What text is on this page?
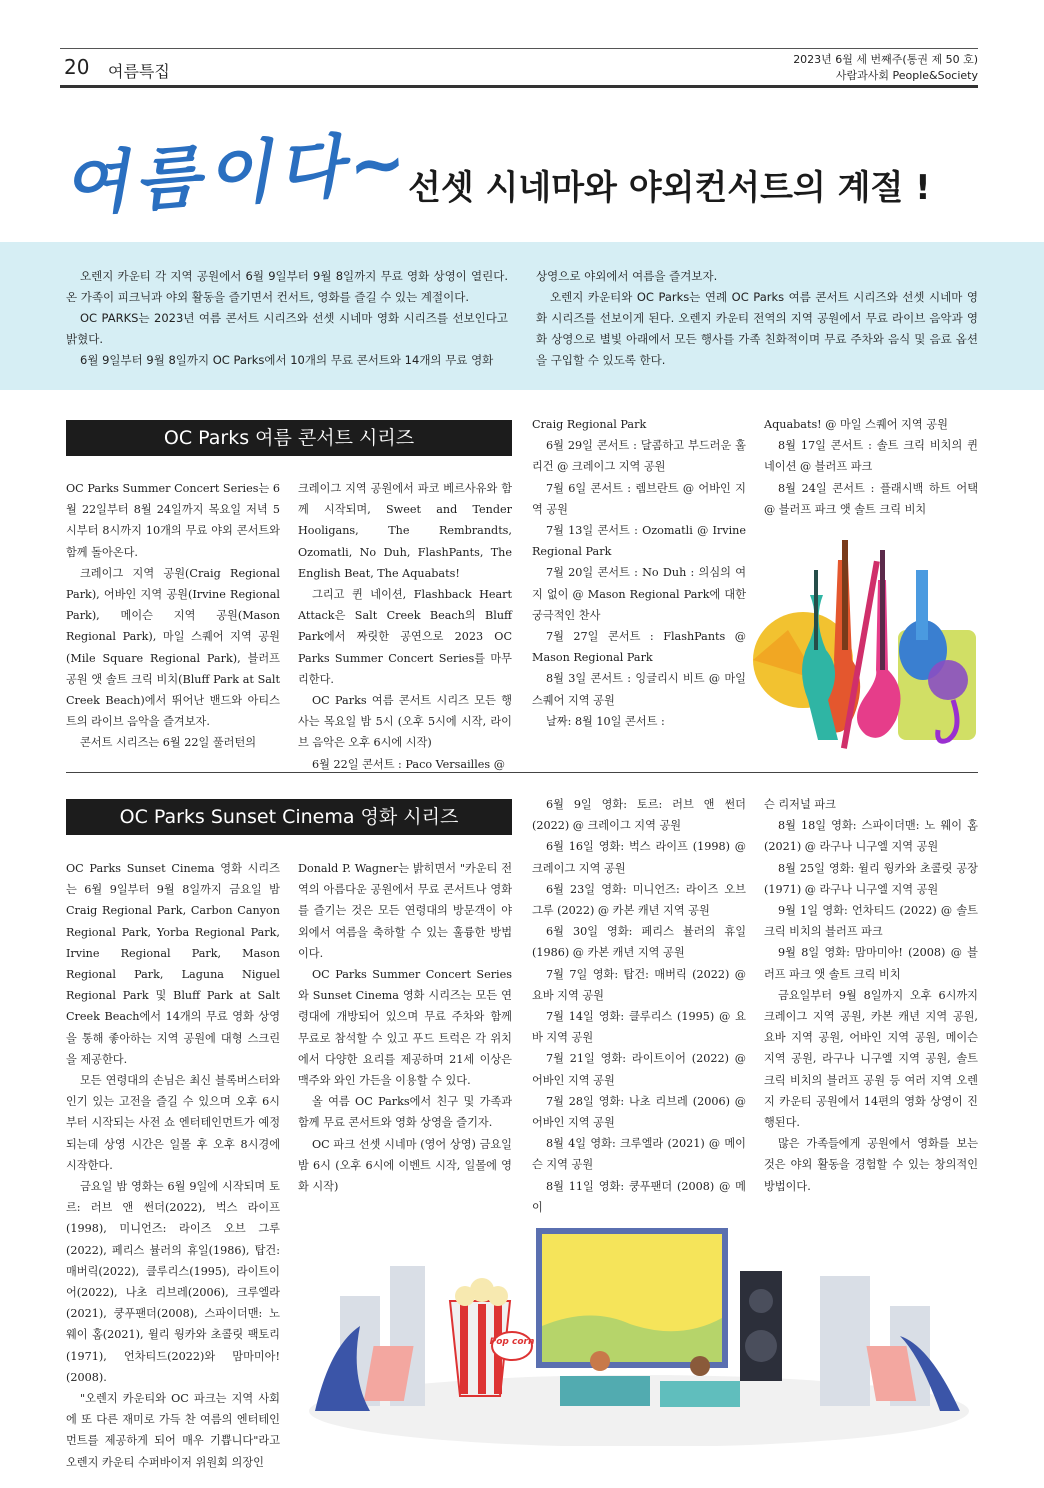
20 여름특집
2023년 6월 세 번째주(통권 제 50 호)
사람과사회 People&Society
여름이다~
선셋 시네마와 야외컨서트의 계절 !

오렌지 카운티 각 지역 공원에서 6월 9일부터 9월 8일까지 무료 영화 상영이 열린다. 온 가족이 피크닉과 야외 활동을 즐기면서 컨서트, 영화를 즐길 수 있는 계절이다.

OC PARKS는 2023년 여름 콘서트 시리즈와 선셋 시네마 영화 시리즈를 선보인다고 밝혔다.

6월 9일부터 9월 8일까지 OC Parks에서 10개의 무료 콘서트와 14개의 무료 영화

상영으로 야외에서 여름을 즐겨보자.

오렌지 카운티와 OC Parks는 연례 OC Parks 여름 콘서트 시리즈와 선셋 시네마 영화 시리즈를 선보이게 된다. 오렌지 카운티 전역의 지역 공원에서 무료 라이브 음악과 영화 상영으로 별빛 아래에서 모든 행사를 가족 친화적이며 무료 주차와 음식 및 음료 옵션을 구입할 수 있도록 한다.

OC Parks 여름 콘서트 시리즈

OC Parks Summer Concert Series는 6월 22일부터 8월 24일까지 목요일 저녁 5시부터 8시까지 10개의 무료 야외 콘서트와 함께 돌아온다.

크레이그 지역 공원(Craig Regional Park), 어바인 지역 공원(Irvine Regional Park), 메이슨 지역 공원(Mason Regional Park), 마일 스퀘어 지역 공원(Mile Square Regional Park), 블러프 공원 앳 솔트 크릭 비치(Bluff Park at Salt Creek Beach)에서 뛰어난 밴드와 아티스트의 라이브 음악을 즐겨보자.

콘서트 시리즈는 6월 22일 풀러턴의

크레이그 지역 공원에서 파코 베르사유와 함께 시작되며, Sweet and Tender Hooligans, The Rembrandts, Ozomatli, No Duh, FlashPants, The English Beat, The Aquabats!

그리고 퀸 네이션, Flashback Heart Attack은 Salt Creek Beach의 Bluff Park에서 짜릿한 공연으로 2023 OC Parks Summer Concert Series를 마무리한다.

OC Parks 여름 콘서트 시리즈 모든 행사는 목요일 밤 5시 (오후 5시에 시작, 라이브 음악은 오후 6시에 시작)

6월 22일 콘서트 : Paco Versailles @

Craig Regional Park

6월 29일 콘서트 : 달콤하고 부드러운 훌리건 @ 크레이그 지역 공원

7월 6일 콘서트 : 렘브란트 @ 어바인 지역 공원

7월 13일 콘서트 : Ozomatli @ Irvine Regional Park

7월 20일 콘서트 : No Duh : 의심의 여지 없이 @ Mason Regional Park에 대한 궁극적인 찬사

7월 27일 콘서트 : FlashPants @ Mason Regional Park

8월 3일 콘서트 : 잉글리시 비트 @ 마일 스퀘어 지역 공원

날짜: 8월 10일 콘서트 :

Aquabats! @ 마일 스퀘어 지역 공원

8월 17일 콘서트 : 솔트 크릭 비치의 퀸 네이션 @ 블러프 파크

8월 24일 콘서트 : 플래시백 하트 어택 @ 블러프 파크 앳 솔트 크릭 비치

OC Parks Sunset Cinema 영화 시리즈

OC Parks Sunset Cinema 영화 시리즈는 6월 9일부터 9월 8일까지 금요일 밤 Craig Regional Park, Carbon Canyon Regional Park, Yorba Regional Park, Irvine Regional Park, Mason Regional Park, Laguna Niguel Regional Park 및 Bluff Park at Salt Creek Beach에서 14개의 무료 영화 상영을 통해 좋아하는 지역 공원에 대형 스크린을 제공한다.

모든 연령대의 손님은 최신 블록버스터와 인기 있는 고전을 즐길 수 있으며 오후 6시부터 시작되는 사전 쇼 엔터테인먼트가 예정되는데 상영 시간은 일몰 후 오후 8시경에 시작한다.

금요일 밤 영화는 6월 9일에 시작되며 토르: 러브 앤 썬더(2022), 벅스 라이프(1998), 미니언즈: 라이즈 오브 그루(2022), 페리스 뷸러의 휴일(1986), 탑건: 매버릭(2022), 클루리스(1995), 라이트이어(2022), 나초 리브레(2006), 크루엘라(2021), 쿵푸팬더(2008), 스파이더맨: 노 웨이 홈(2021), 윌리 웡카와 초콜릿 팩토리(1971), 언차티드(2022)와 맘마미아! (2008).

"오렌지 카운티와 OC 파크는 지역 사회에 또 다른 재미로 가득 찬 여름의 엔터테인먼트를 제공하게 되어 매우 기쁩니다"라고 오렌지 카운티 수퍼바이저 위원회 의장인

Donald P. Wagner는 밝히면서 "카운티 전역의 아름다운 공원에서 무료 콘서트나 영화를 즐기는 것은 모든 연령대의 방문객이 야외에서 여름을 축하할 수 있는 훌륭한 방법이다.

OC Parks Summer Concert Series와 Sunset Cinema 영화 시리즈는 모든 연령대에 개방되어 있으며 무료 주차와 함께 무료로 참석할 수 있고 푸드 트럭은 각 위치에서 다양한 요리를 제공하며 21세 이상은 맥주와 와인 가든을 이용할 수 있다.

올 여름 OC Parks에서 친구 및 가족과 함께 무료 콘서트와 영화 상영을 즐기자.

OC 파크 선셋 시네마 (영어 상영) 금요일 밤 6시 (오후 6시에 이벤트 시작, 일몰에 영화 시작)

6월 9일 영화: 토르: 러브 앤 썬더 (2022) @ 크레이그 지역 공원

6월 16일 영화: 벅스 라이프 (1998) @ 크레이그 지역 공원

6월 23일 영화: 미니언즈: 라이즈 오브 그루 (2022) @ 카본 캐년 지역 공원

6월 30일 영화: 페리스 뷸러의 휴일 (1986) @ 카본 캐년 지역 공원

7월 7일 영화: 탑건: 매버릭 (2022) @ 요바 지역 공원

7월 14일 영화: 클루리스 (1995) @ 요바 지역 공원

7월 21일 영화: 라이트이어 (2022) @ 어바인 지역 공원

7월 28일 영화: 나초 리브레 (2006) @ 어바인 지역 공원

8월 4일 영화: 크루엘라 (2021) @ 메이슨 지역 공원

8월 11일 영화: 쿵푸팬더 (2008) @ 메이

슨 리저널 파크

8월 18일 영화: 스파이더맨: 노 웨이 홈 (2021) @ 라구나 니구엘 지역 공원

8월 25일 영화: 윌리 웡카와 초콜릿 공장 (1971) @ 라구나 니구엘 지역 공원

9월 1일 영화: 언차티드 (2022) @ 솔트 크릭 비치의 블러프 파크

9월 8일 영화: 맘마미아! (2008) @ 블러프 파크 앳 솔트 크릭 비치

금요일부터 9월 8일까지 오후 6시까지 크레이그 지역 공원, 카본 캐년 지역 공원, 요바 지역 공원, 어바인 지역 공원, 메이슨 지역 공원, 라구나 니구엘 지역 공원, 솔트 크릭 비치의 블러프 공원 등 여러 지역 오렌지 카운티 공원에서 14편의 영화 상영이 진행된다.

많은 가족들에게 공원에서 영화를 보는 것은 야외 활동을 경험할 수 있는 창의적인 방법이다.

Pop corn
